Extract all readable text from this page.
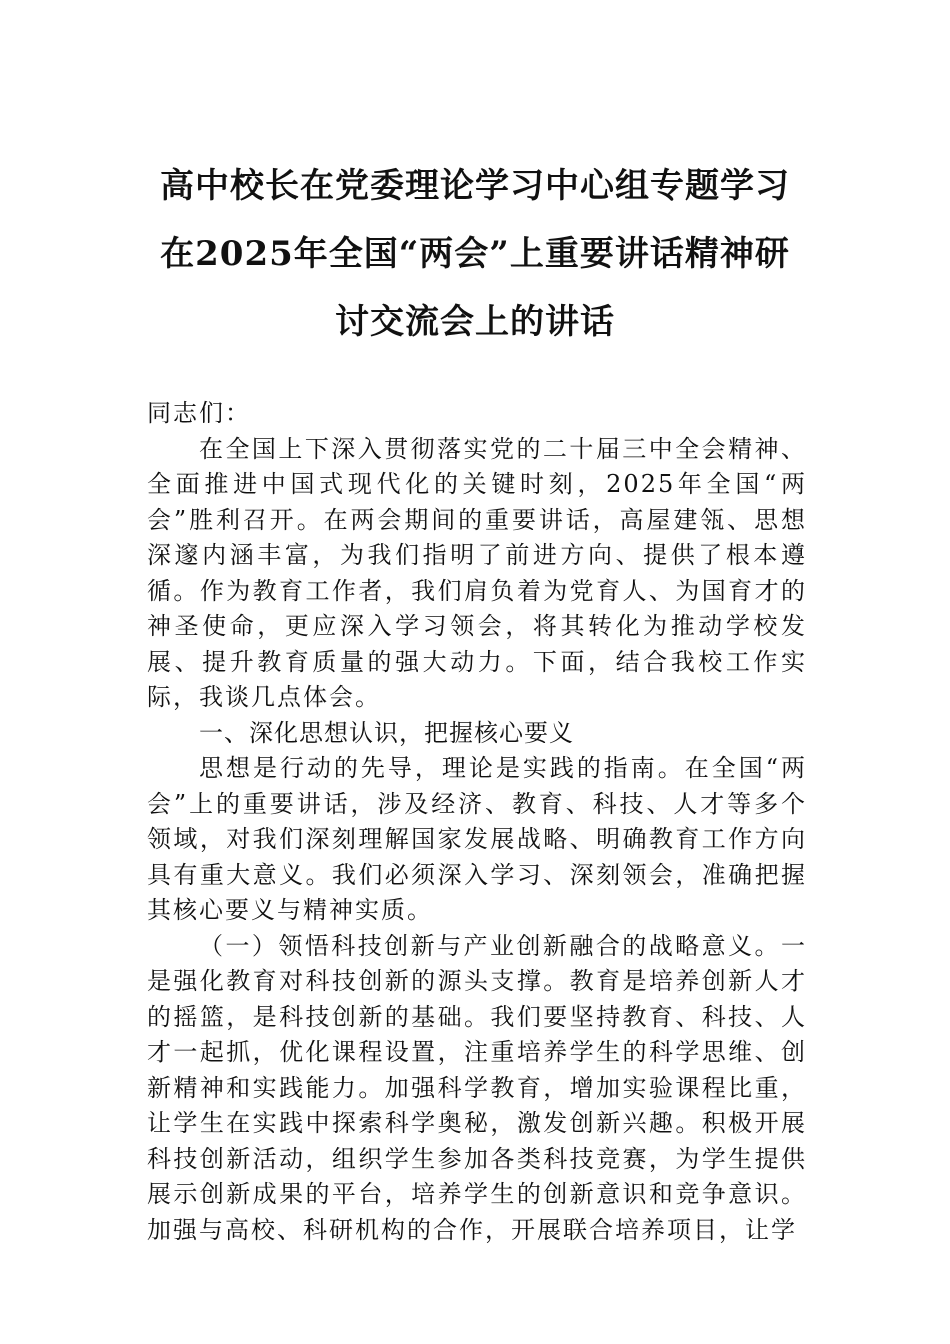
高中校长在党委理论学习中心组专题学习
在2025年全国“两会”上重要讲话精神研
讨交流会上的讲话

同志们：

在全国上下深入贯彻落实党的二十届三中全会精神、全面推进中国式现代化的关键时刻，2025年全国“两会”胜利召开。在两会期间的重要讲话，高屋建瓴、思想深邃内涵丰富，为我们指明了前进方向、提供了根本遵循。作为教育工作者，我们肩负着为党育人、为国育才的神圣使命，更应深入学习领会，将其转化为推动学校发展、提升教育质量的强大动力。下面，结合我校工作实际，我谈几点体会。

一、深化思想认识，把握核心要义

思想是行动的先导，理论是实践的指南。在全国“两会”上的重要讲话，涉及经济、教育、科技、人才等多个领域，对我们深刻理解国家发展战略、明确教育工作方向具有重大意义。我们必须深入学习、深刻领会，准确把握其核心要义与精神实质。

（一）领悟科技创新与产业创新融合的战略意义。一是强化教育对科技创新的源头支撑。教育是培养创新人才的摇篮，是科技创新的基础。我们要坚持教育、科技、人才一起抓，优化课程设置，注重培养学生的科学思维、创新精神和实践能力。加强科学教育，增加实验课程比重，让学生在实践中探索科学奥秘，激发创新兴趣。积极开展科技创新活动，组织学生参加各类科技竞赛，为学生提供展示创新成果的平台，培养学生的创新意识和竞争意识。加强与高校、科研机构的合作，开展联合培养项目，让学
